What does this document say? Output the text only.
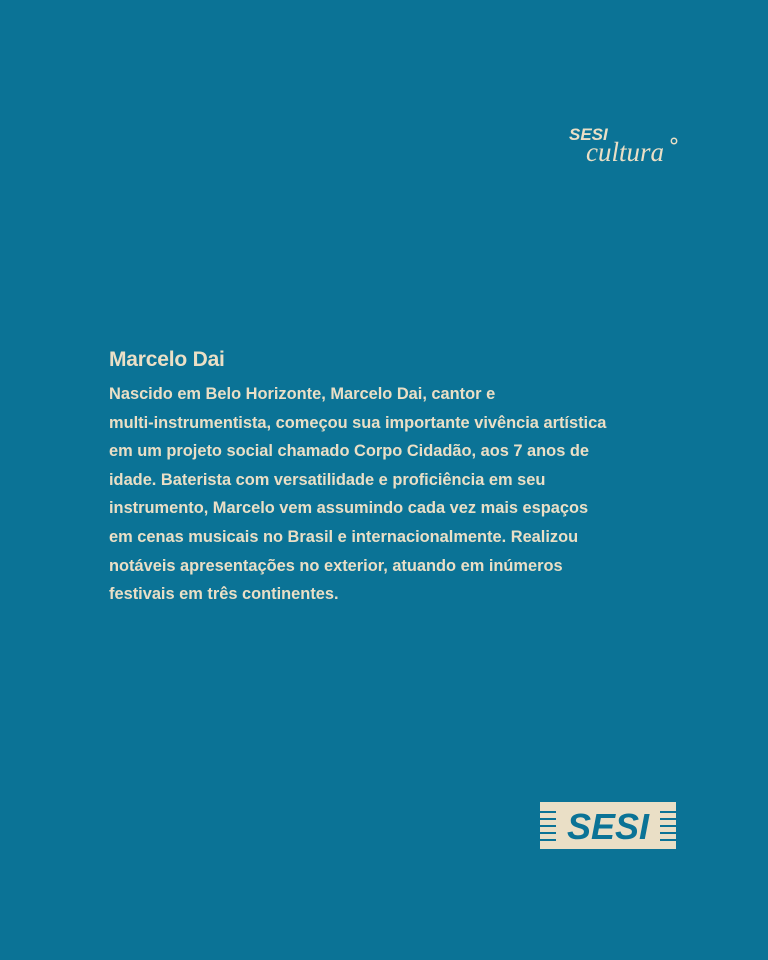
SESI
cultura
Marcelo Dai

Nascido em Belo Horizonte, Marcelo Dai, cantor e
multi-instrumentista, começou sua importante vivência artística
em um projeto social chamado Corpo Cidadão, aos 7 anos de
idade. Baterista com versatilidade e proficiência em seu
instrumento, Marcelo vem assumindo cada vez mais espaços
em cenas musicais no Brasil e internacionalmente. Realizou
notáveis apresentações no exterior, atuando em inúmeros
festivais em três continentes.

SESI
